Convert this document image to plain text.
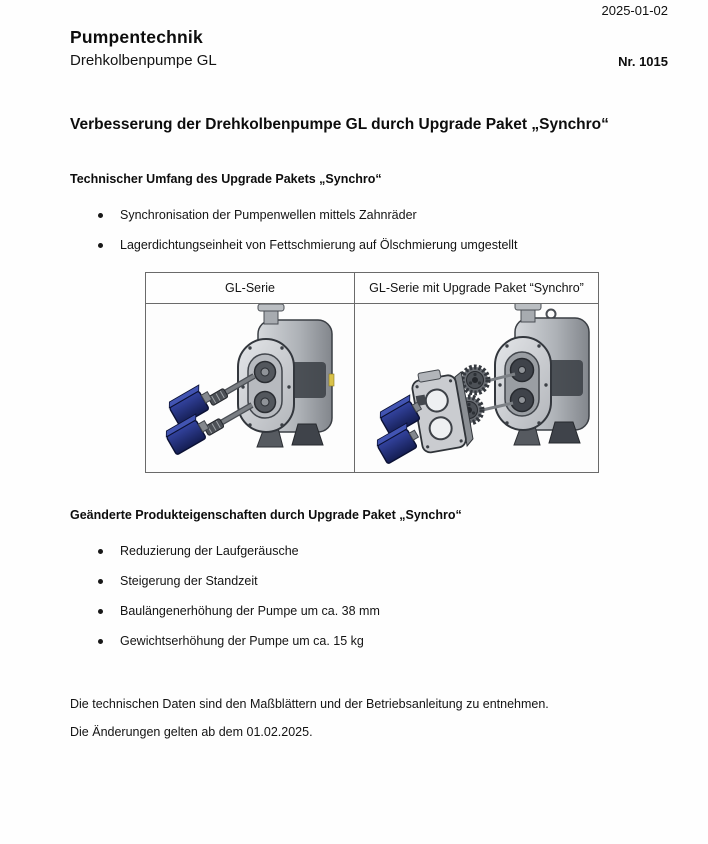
2025-01-02
Pumpentechnik
Drehkolbenpumpe GL	Nr. 1015
Verbesserung der Drehkolbenpumpe GL durch Upgrade Paket „Synchro“
Technischer Umfang des Upgrade Pakets „Synchro“
Synchronisation der Pumpenwellen mittels Zahnräder
Lagerdichtungseinheit von Fettschmierung auf Ölschmierung umgestellt
GL-Serie	GL-Serie mit Upgrade Paket “Synchro”

Geänderte Produkteigenschaften durch Upgrade Paket „Synchro“
Reduzierung der Laufgeräusche
Steigerung der Standzeit
Baulängenerhöhung der Pumpe um ca. 38 mm
Gewichtserhöhung der Pumpe um ca. 15 kg

Die technischen Daten sind den Maßblättern und der Betriebsanleitung zu entnehmen.

Die Änderungen gelten ab dem 01.02.2025.
